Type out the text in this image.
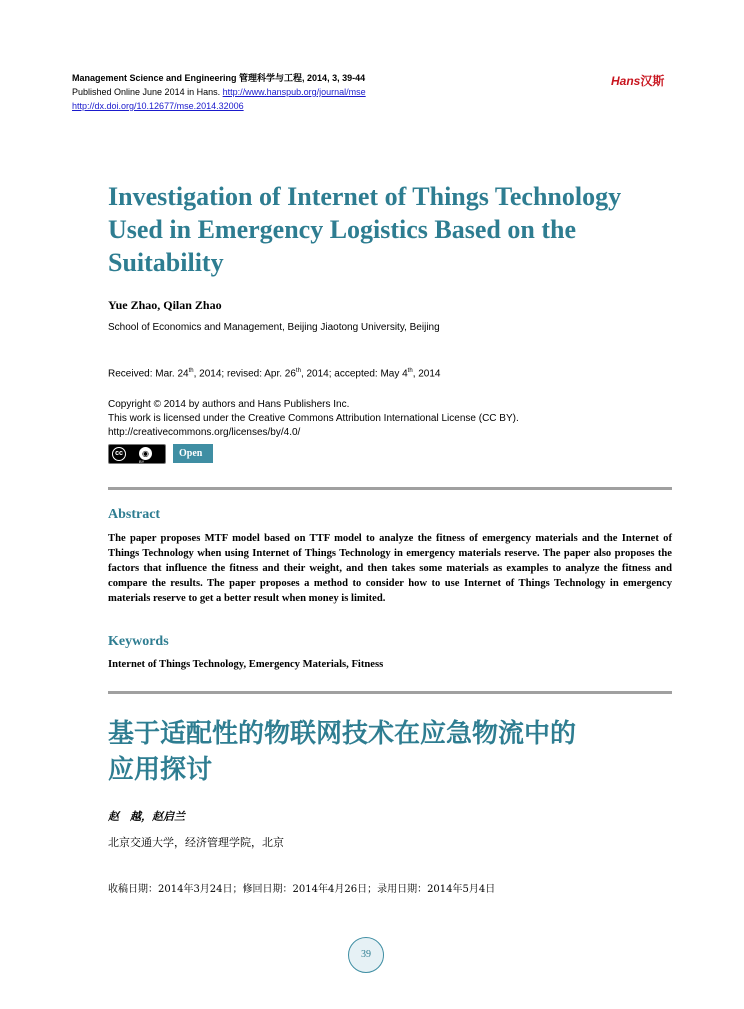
Management Science and Engineering 管理科学与工程, 2014, 3, 39-44
Published Online June 2014 in Hans. http://www.hanspub.org/journal/mse
http://dx.doi.org/10.12677/mse.2014.32006
Hans汉斯
Investigation of Internet of Things Technology Used in Emergency Logistics Based on the Suitability
Yue Zhao, Qilan Zhao
School of Economics and Management, Beijing Jiaotong University, Beijing
Received: Mar. 24th, 2014; revised: Apr. 26th, 2014; accepted: May 4th, 2014
Copyright © 2014 by authors and Hans Publishers Inc.
This work is licensed under the Creative Commons Attribution International License (CC BY).
http://creativecommons.org/licenses/by/4.0/
cc	◉
BY
Open Access
Abstract
The paper proposes MTF model based on TTF model to analyze the fitness of emergency materials and the Internet of Things Technology when using Internet of Things Technology in emergency materials reserve. The paper also proposes the factors that influence the fitness and their weight, and then takes some materials as examples to analyze the fitness and compare the results. The paper proposes a method to consider how to use Internet of Things Technology in emergency materials reserve to get a better result when money is limited.
Keywords
Internet of Things Technology, Emergency Materials, Fitness
基于适配性的物联网技术在应急物流中的
应用探讨
赵　越，赵启兰
北京交通大学，经济管理学院，北京
收稿日期：2014年3月24日；修回日期：2014年4月26日；录用日期：2014年5月4日
39
